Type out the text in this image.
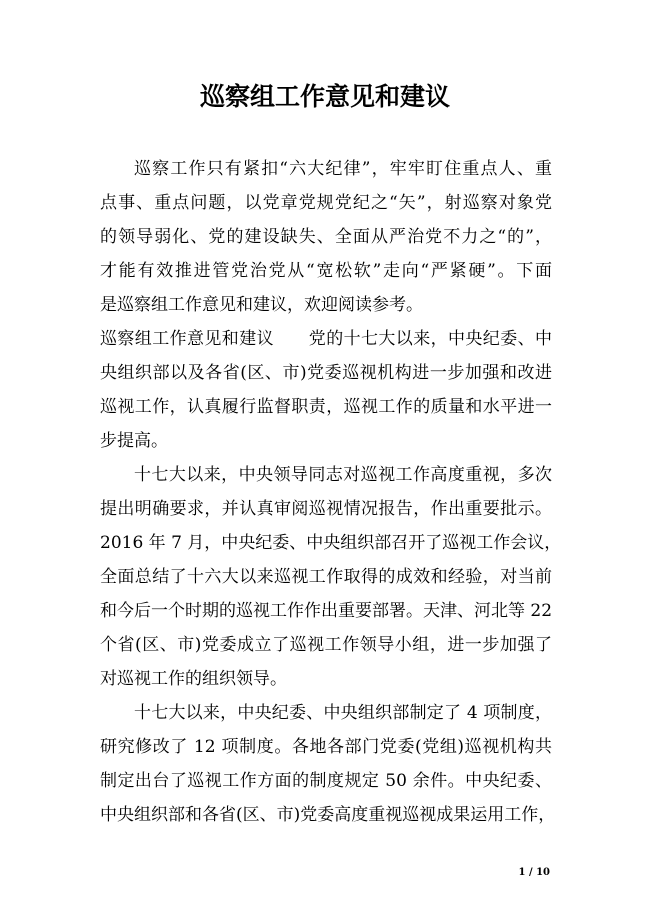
巡察组工作意见和建议
巡察工作只有紧扣“六大纪律”，牢牢盯住重点人、重
点事、重点问题，以党章党规党纪之“矢”，射巡察对象党
的领导弱化、党的建设缺失、全面从严治党不力之“的”，
才能有效推进管党治党从“宽松软”走向“严紧硬”。下面
是巡察组工作意见和建议，欢迎阅读参考。
巡察组工作意见和建议　　党的十七大以来，中央纪委、中
央组织部以及各省(区、市)党委巡视机构进一步加强和改进
巡视工作，认真履行监督职责，巡视工作的质量和水平进一
步提高。
十七大以来，中央领导同志对巡视工作高度重视，多次
提出明确要求，并认真审阅巡视情况报告，作出重要批示。
2016 年 7 月，中央纪委、中央组织部召开了巡视工作会议，
全面总结了十六大以来巡视工作取得的成效和经验，对当前
和今后一个时期的巡视工作作出重要部署。天津、河北等 22
个省(区、市)党委成立了巡视工作领导小组，进一步加强了
对巡视工作的组织领导。
十七大以来，中央纪委、中央组织部制定了 4 项制度，
研究修改了 12 项制度。各地各部门党委(党组)巡视机构共
制定出台了巡视工作方面的制度规定 50 余件。中央纪委、
中央组织部和各省(区、市)党委高度重视巡视成果运用工作，
1 / 10
